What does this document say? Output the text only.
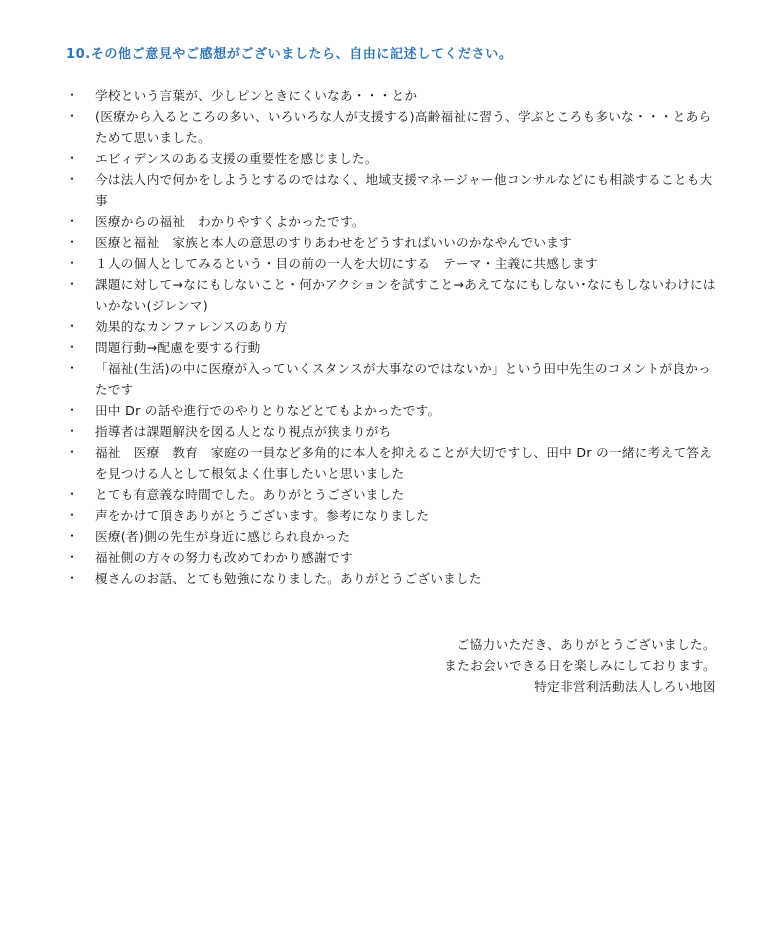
10.その他ご意見やご感想がございましたら、自由に記述してください。
・ 学校という言葉が、少しピンときにくいなあ・・・とか
・ (医療から入るところの多い、いろいろな人が支援する)高齢福祉に習う、学ぶところも多いな・・・とあらためて思いました。
・ エビィデンスのある支援の重要性を感じました。
・ 今は法人内で何かをしようとするのではなく、地域支援マネージャー他コンサルなどにも相談することも大事
・ 医療からの福祉　わかりやすくよかったです。
・ 医療と福祉　家族と本人の意思のすりあわせをどうすればいいのかなやんでいます
・ １人の個人としてみるという・目の前の一人を大切にする　テーマ・主義に共感します
・ 課題に対して→なにもしないこと・何かアクションを試すこと→あえてなにもしない･なにもしないわけにはいかない(ジレンマ)
・ 効果的なカンファレンスのあり方
・ 問題行動→配慮を要する行動
・ 「福祉(生活)の中に医療が入っていくスタンスが大事なのではないか」という田中先生のコメントが良かったです
・ 田中 Dr の話や進行でのやりとりなどとてもよかったです。
・ 指導者は課題解決を図る人となり視点が狭まりがち
・ 福祉　医療　教育　家庭の一員など多角的に本人を抑えることが大切ですし、田中 Dr の一緒に考えて答えを見つける人として根気よく仕事したいと思いました
・ とても有意義な時間でした。ありがとうございました
・ 声をかけて頂きありがとうございます。参考になりました
・ 医療(者)側の先生が身近に感じられ良かった
・ 福祉側の方々の努力も改めてわかり感謝です
・ 榎さんのお話、とても勉強になりました。ありがとうございました
ご協力いただき、ありがとうございました。
またお会いできる日を楽しみにしております。
特定非営利活動法人しろい地図
